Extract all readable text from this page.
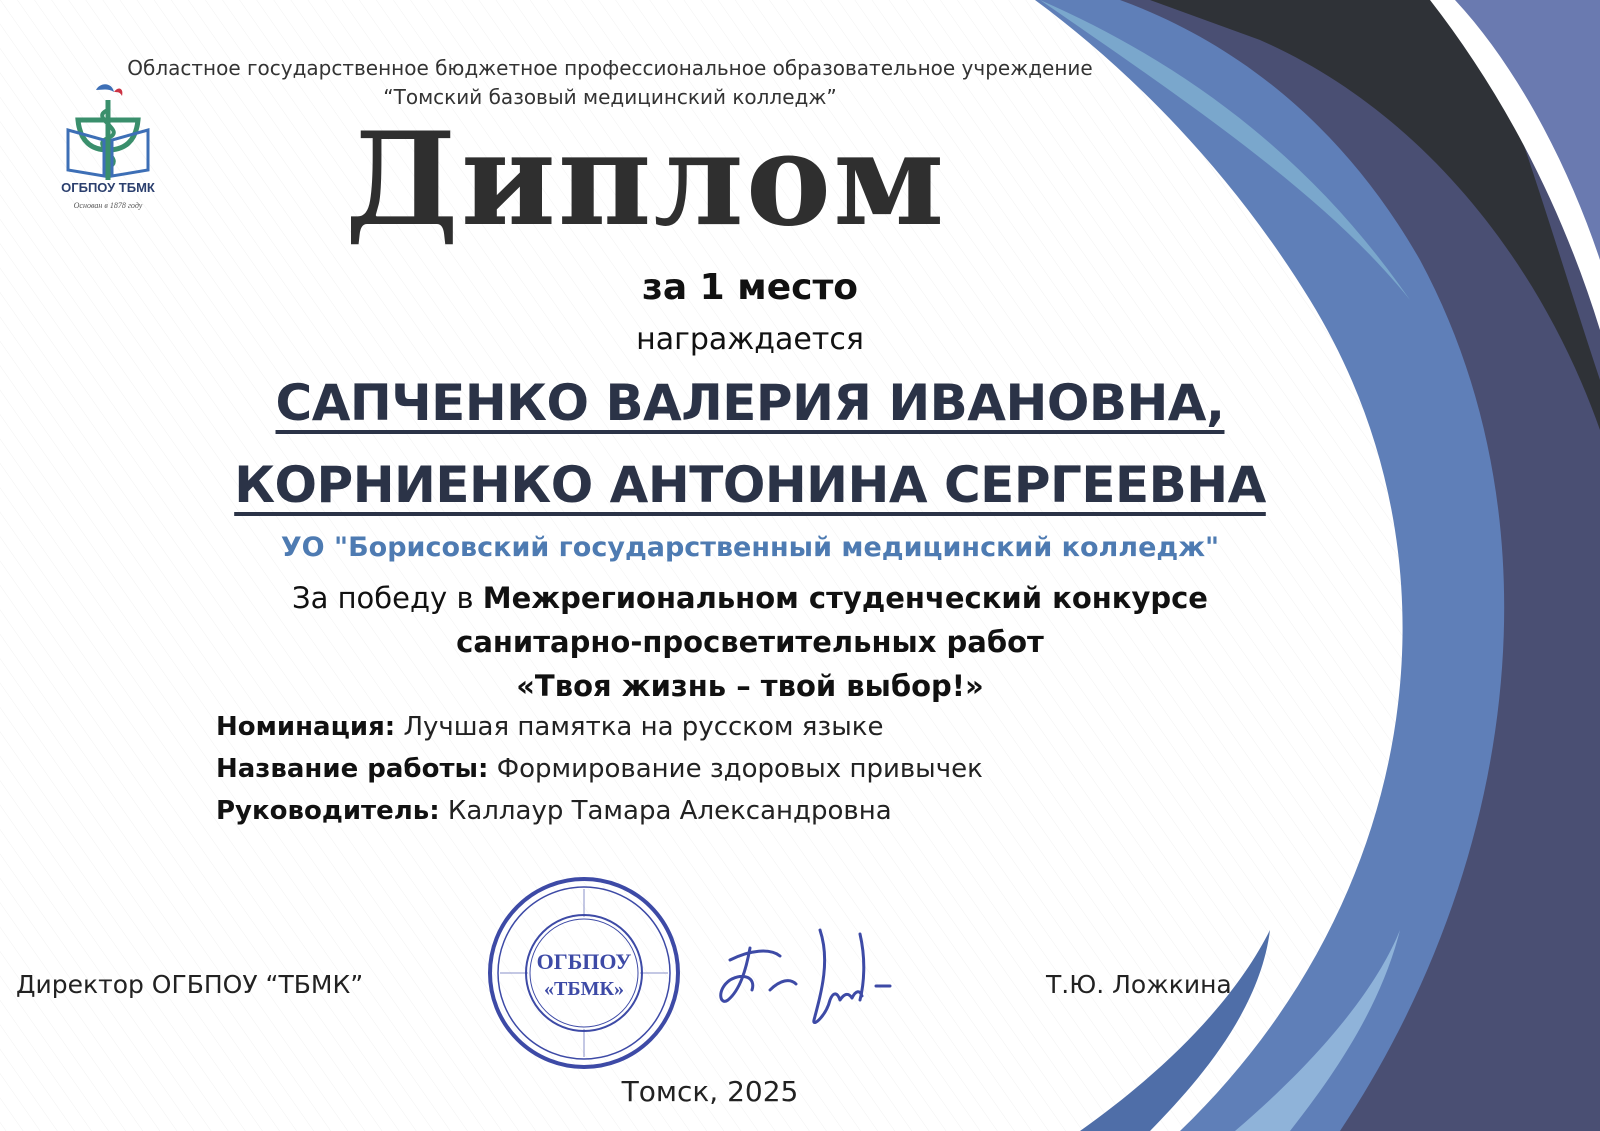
Областное государственное бюджетное профессиональное образовательное учреждение
“Томский базовый медицинский колледж”
ОГБПОУ ТБМК
Основан в 1878 году Диплом
за 1 место
награждается
САПЧЕНКО ВАЛЕРИЯ ИВАНОВНА,
КОРНИЕНКО АНТОНИНА СЕРГЕЕВНА
УО "Борисовский государственный медицинский колледж"
За победу в Межрегиональном студенческий конкурсе
санитарно-просветительных работ
«Твоя жизнь – твой выбор!»
Номинация: Лучшая памятка на русском языке
Название работы: Формирование здоровых привычек
Руководитель: Каллаур Тамара Александровна
ОГБПОУ
«ТБМК»
Директор ОГБПОУ “ТБМК”	Т.Ю. Ложкина
Томск, 2025
